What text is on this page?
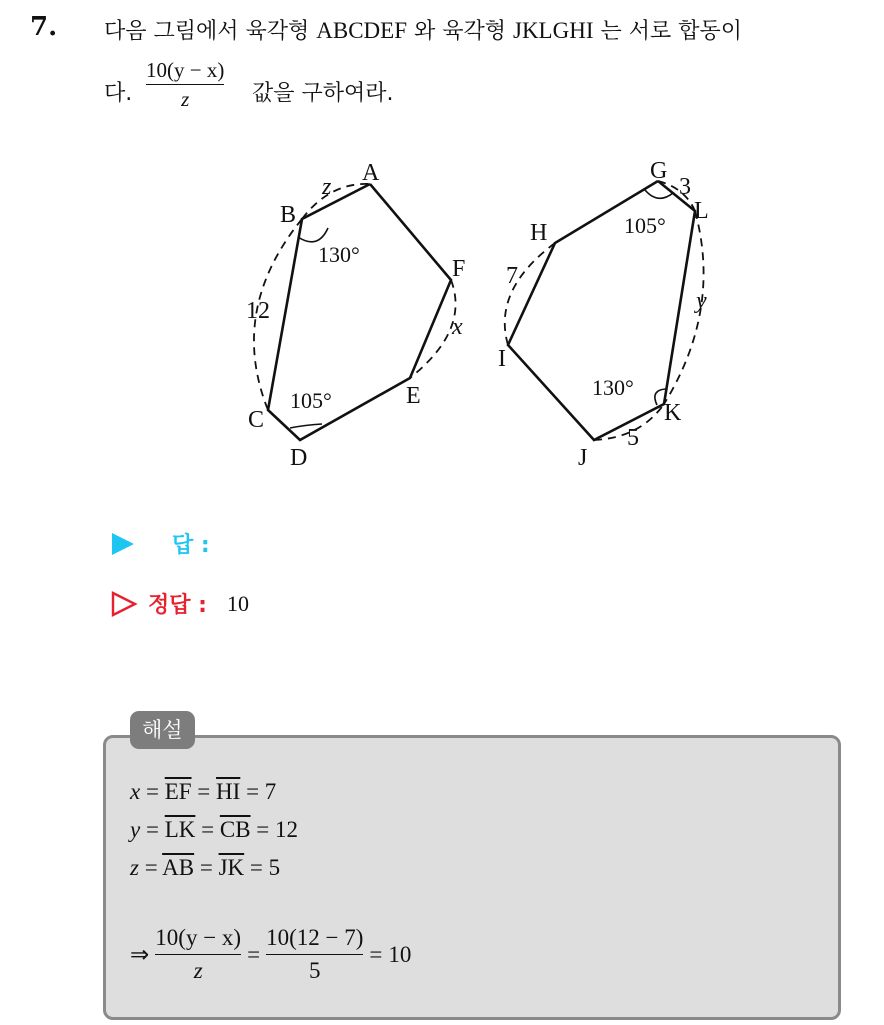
7. 다음 그림에서 육각형 ABCDEF 와 육각형 JKLGHI 는 서로 합동이
다.
10(y − x)
z	값을 구하여라.
A
B
C
D
E
F
z
12
x
130°
105°
G
L
H
I
J
K
3
7
y
5
105°
130°
답 :
정답 : 10
해설
$x = \overline{EF} = \overline{HI} = 7$
$y = \overline{LK} = \overline{CB} = 12$
$z = \overline{AB} = \overline{JK} = 5$
⇒
10(y − x)
z
=
10(12 − 7)
5
= 10
